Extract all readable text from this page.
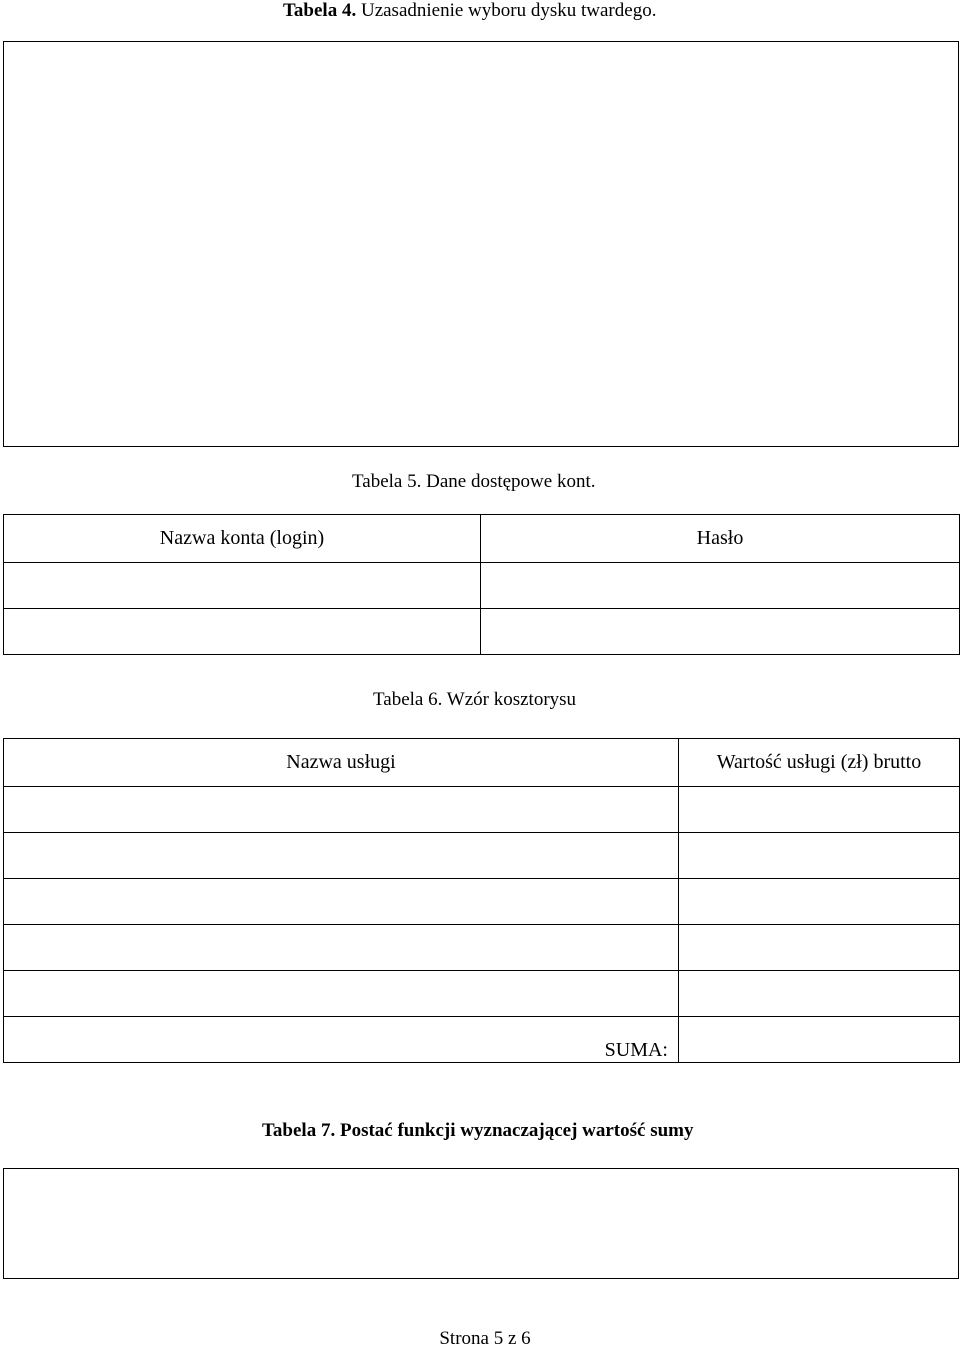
Tabela 4. Uzasadnienie wyboru dysku twardego.
Tabela 5. Dane dostępowe kont.
Nazwa konta (login)	Hasło

Tabela 6. Wzór kosztorysu
Nazwa usługi	Wartość usługi (zł) brutto

SUMA:	
Tabela 7. Postać funkcji wyznaczającej wartość sumy
Strona 5 z 6
